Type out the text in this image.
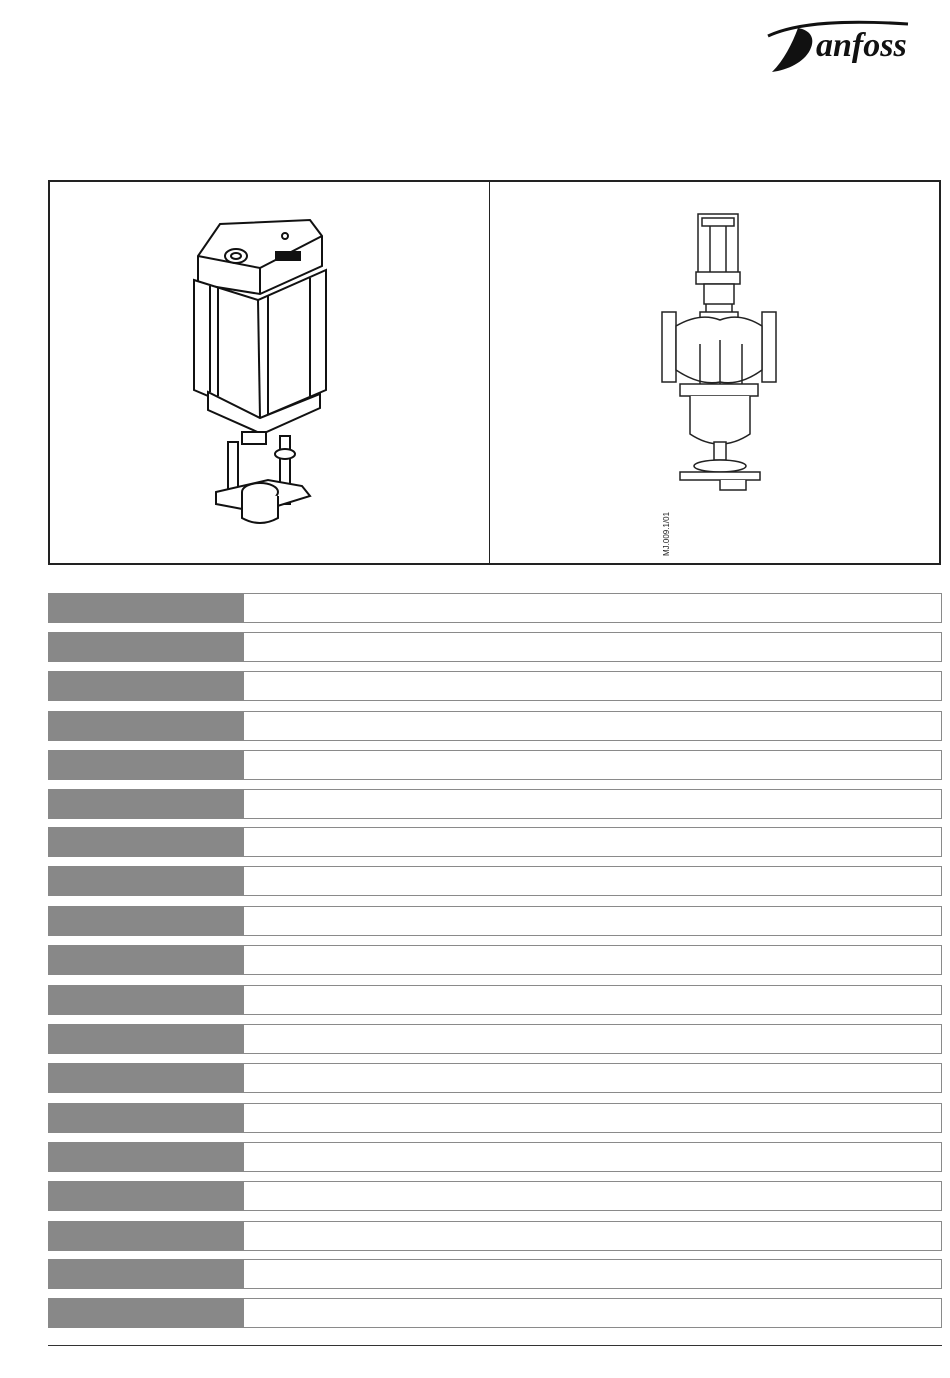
anfoss
MJ.009.1/01
